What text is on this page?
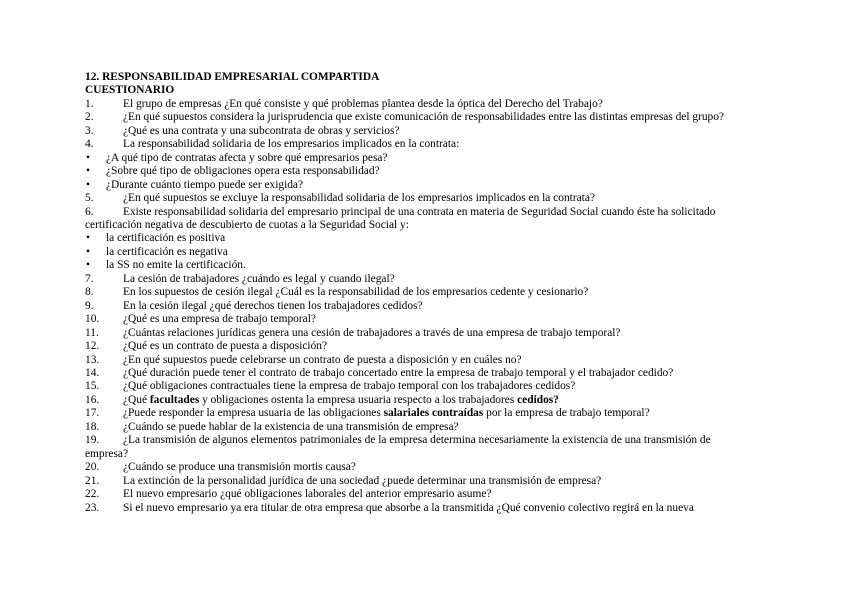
12. RESPONSABILIDAD EMPRESARIAL COMPARTIDA
CUESTIONARIO
1.	El grupo de empresas ¿En qué consiste y qué problemas plantea desde la óptica del Derecho del Trabajo?
2.	¿En qué supuestos considera la jurisprudencia que existe comunicación de responsabilidades entre las distintas empresas del grupo?
3.	¿Qué es una contrata y una subcontrata de obras y servicios?
4.	La responsabilidad solidaria de los empresarios implicados en la contrata:
•	¿A qué tipo de contratas afecta y sobre qué empresarios pesa?
•	¿Sobre qué tipo de obligaciones opera esta responsabilidad?
•	¿Durante cuánto tiempo puede ser exigida?
5.	¿En qué supuestos se excluye la responsabilidad solidaria de los empresarios implicados en la contrata?
6.	Existe responsabilidad solidaria del empresario principal de una contrata en materia de Seguridad Social cuando éste ha solicitado
certificación negativa de descubierto de cuotas a la Seguridad Social y:
•	la certificación es positiva
•	la certificación es negativa
•	la SS no emite la certificación.
7.	La cesión de trabajadores ¿cuándo es legal y cuando ilegal?
8.	En los supuestos de cesión ilegal ¿Cuál es la responsabilidad de los empresarios cedente y cesionario?
9.	En la cesión ilegal ¿qué derechos tienen los trabajadores cedidos?
10.	¿Qué es una empresa de trabajo temporal?
11.	¿Cuántas relaciones jurídicas genera una cesión de trabajadores a través de una empresa de trabajo temporal?
12.	¿Qué es un contrato de puesta a disposición?
13.	¿En qué supuestos puede celebrarse un contrato de puesta a disposición y en cuáles no?
14.	¿Qué duración puede tener el contrato de trabajo concertado entre la empresa de trabajo temporal y el trabajador cedido?
15.	¿Qué obligaciones contractuales tiene la empresa de trabajo temporal con los trabajadores cedidos?
16.	¿Qué facultades y obligaciones ostenta la empresa usuaria respecto a los trabajadores cedidos?
17.	¿Puede responder la empresa usuaria de las obligaciones salariales contraídas por la empresa de trabajo temporal?
18.	¿Cuándo se puede hablar de la existencia de una transmisión de empresa?
19.	¿La transmisión de algunos elementos patrimoniales de la empresa determina necesariamente la existencia de una transmisión de
empresa?
20.	¿Cuándo se produce una transmisión mortis causa?
21.	La extinción de la personalidad jurídica de una sociedad ¿puede determinar una transmisión de empresa?
22.	El nuevo empresario ¿qué obligaciones laborales del anterior empresario asume?
23.	Si el nuevo empresario ya era titular de otra empresa que absorbe a la transmitida ¿Qué convenio colectivo regirá en la nueva
